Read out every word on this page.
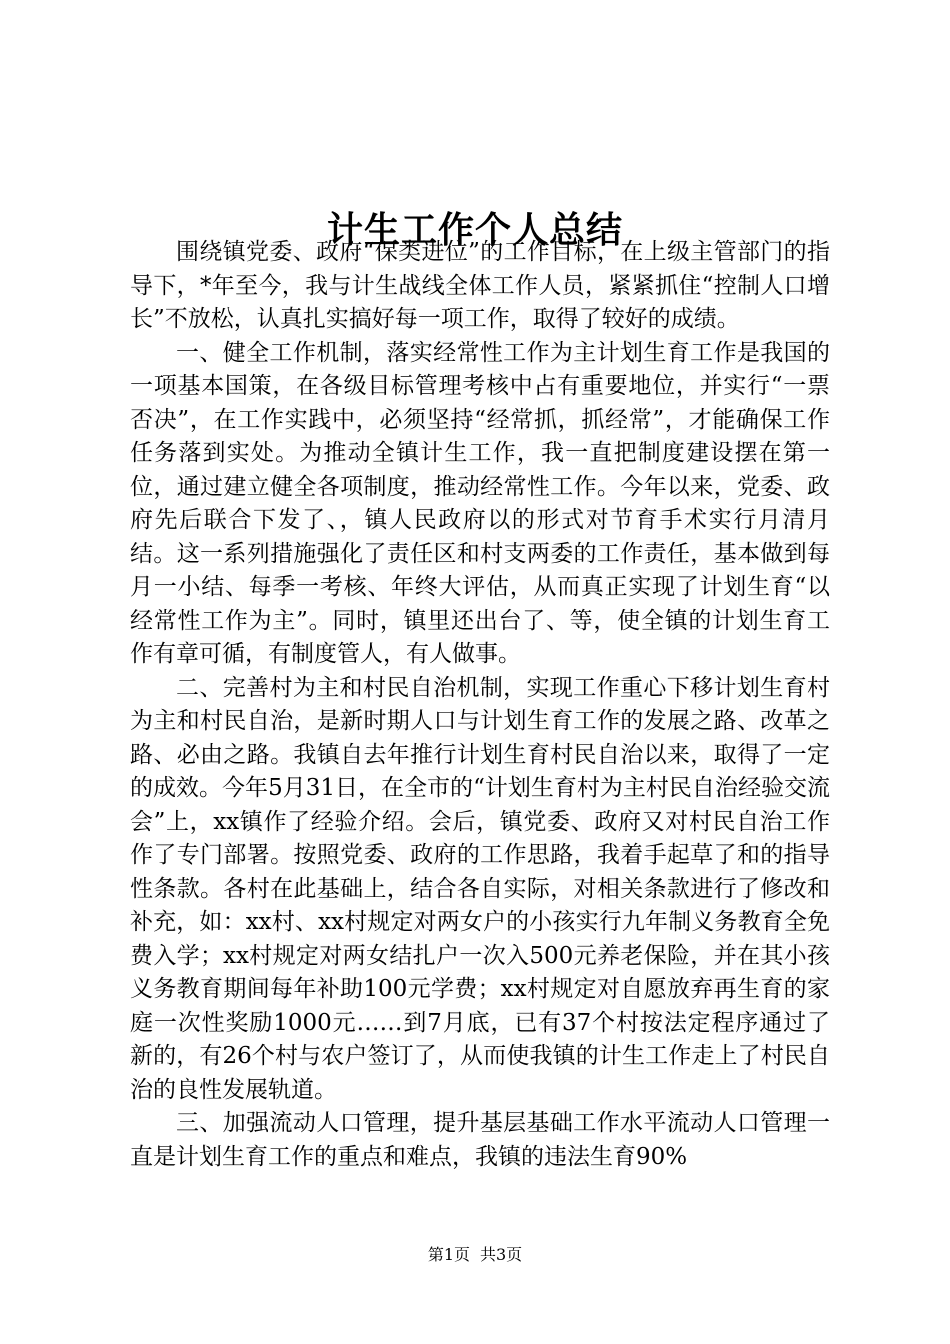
计生工作个人总结

围绕镇党委、政府“保类进位”的工作目标，在上级主管部门的指导下，*年至今，我与计生战线全体工作人员，紧紧抓住“控制人口增长”不放松，认真扎实搞好每一项工作，取得了较好的成绩。

一、健全工作机制，落实经常性工作为主计划生育工作是我国的一项基本国策，在各级目标管理考核中占有重要地位，并实行“一票否决”，在工作实践中，必须坚持“经常抓，抓经常”，才能确保工作任务落到实处。为推动全镇计生工作，我一直把制度建设摆在第一位，通过建立健全各项制度，推动经常性工作。今年以来，党委、政府先后联合下发了、，镇人民政府以的形式对节育手术实行月清月结。这一系列措施强化了责任区和村支两委的工作责任，基本做到每月一小结、每季一考核、年终大评估，从而真正实现了计划生育“以经常性工作为主”。同时，镇里还出台了、等，使全镇的计划生育工作有章可循，有制度管人，有人做事。

二、完善村为主和村民自治机制，实现工作重心下移计划生育村为主和村民自治，是新时期人口与计划生育工作的发展之路、改革之路、必由之路。我镇自去年推行计划生育村民自治以来，取得了一定的成效。今年5月31日，在全市的“计划生育村为主村民自治经验交流会”上，xx镇作了经验介绍。会后，镇党委、政府又对村民自治工作作了专门部署。按照党委、政府的工作思路，我着手起草了和的指导性条款。各村在此基础上，结合各自实际，对相关条款进行了修改和补充，如：xx村、xx村规定对两女户的小孩实行九年制义务教育全免费入学；xx村规定对两女结扎户一次入500元养老保险，并在其小孩义务教育期间每年补助100元学费；xx村规定对自愿放弃再生育的家庭一次性奖励1000元……到7月底，已有37个村按法定程序通过了新的，有26个村与农户签订了，从而使我镇的计生工作走上了村民自治的良性发展轨道。

三、加强流动人口管理，提升基层基础工作水平流动人口管理一直是计划生育工作的重点和难点，我镇的违法生育90%

第1页 共3页
